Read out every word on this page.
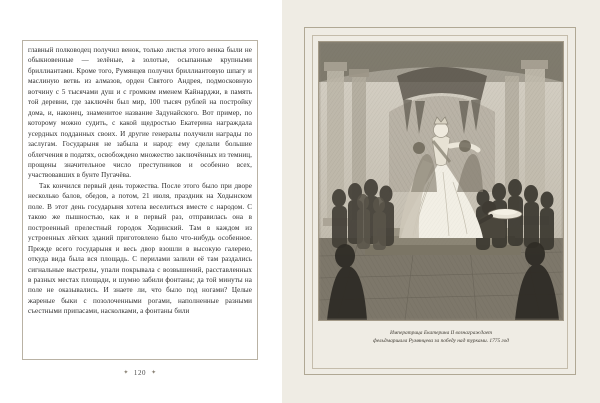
главный полководец получил венок, только листья этого венка были не обыкновенные — зелёные, а золотые, осыпанные крупными бриллиантами. Кроме того, Румянцев получил бриллиантовую шпагу и маслиную ветвь из алмазов, орден Святого Андрея, подмосковную вотчину с 5 тысячами душ и с громким именем Кайнарджи, в память той деревни, где заключён был мир, 100 тысяч рублей на постройку дома, и, наконец, знаменитое название Задунайского. Вот пример, по которому можно судить, с какой щедростью Екатерина награждала усердных подданных своих. И другие генералы получили награды по заслугам. Государыня не забыла и народ: ему сделали большие облегчения в податях, освобождено множество заключённых из темниц, прощены значительное число преступников и особенно всех, участвовавших в бунте Пугачёва.

Так кончился первый день торжества. После этого было при дворе несколько балов, обедов, а потом, 21 июля, праздник на Ходынском поле. В этот день государыня хотела веселиться вместе с народом. С такою же пышностью, как и в первый раз, отправилась она в построенный прелестный городок Ходинский. Там в каждом из устроенных лёгких зданий приготовлено было что-нибудь особенное. Прежде всего государыня и весь двор взошли в высокую галерею, откуда вида была вся площадь. С перилами залили её там раздались сигнальные выстрелы, упали покрывала с возвышений, расставленных в разных местах площади, и шумно забили фонтаны; да той минуты на поле не оказывались. И знаете ли, что было под ногами? Целые жареные быки с позолоченными рогами, наполненные разными съестными припасами, насколками, а фонтаны били

✦ 120 ✦
Императрица Екатерина II вознаграждает
фельдмаршала Румянцева за победу над турками. 1775 год
